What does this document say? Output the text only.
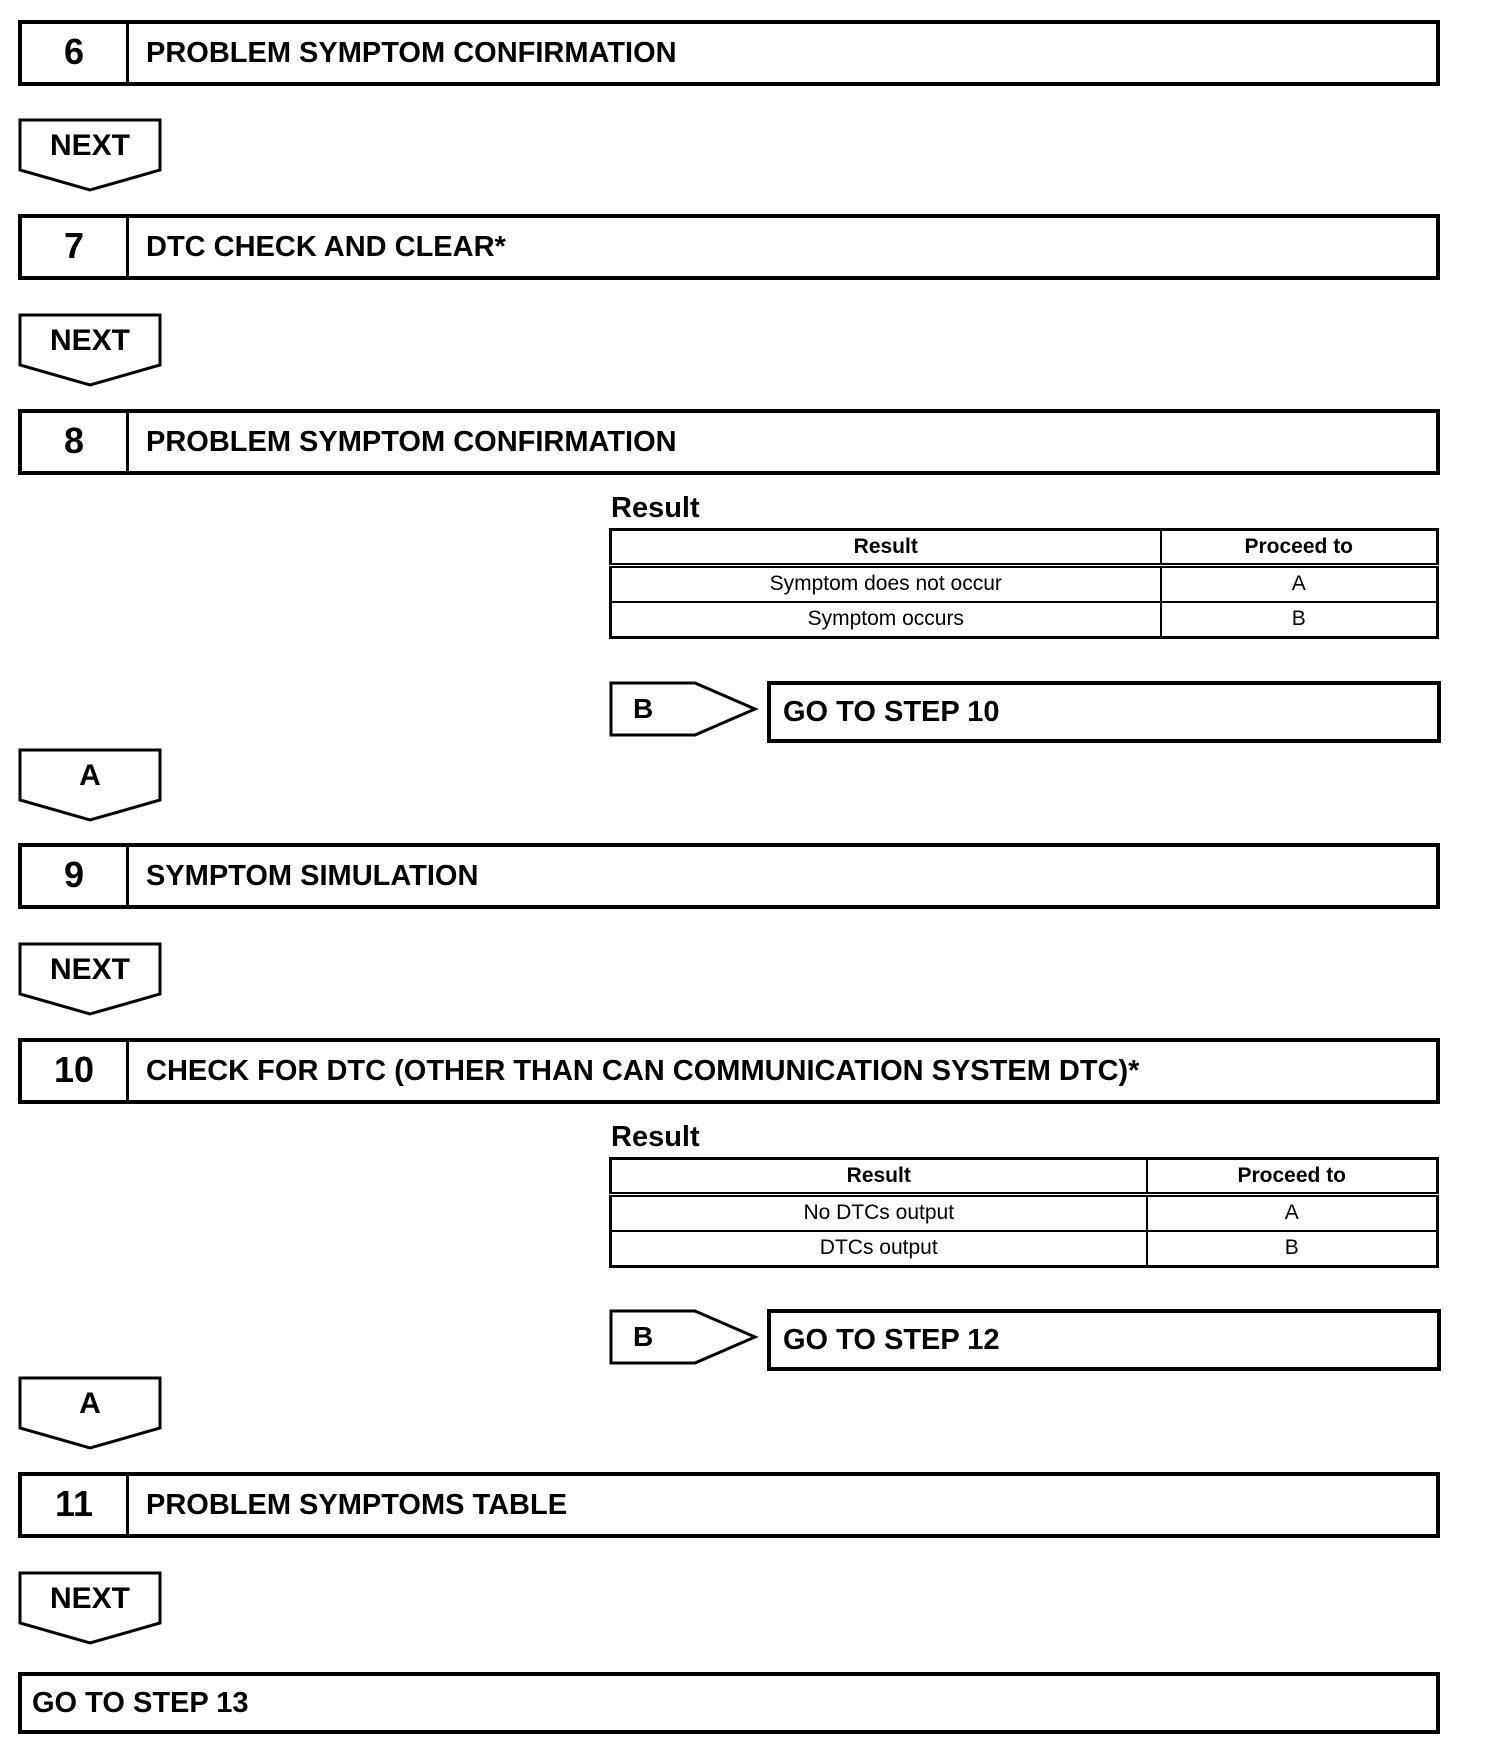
6	PROBLEM SYMPTOM CONFIRMATION
NEXT
7	DTC CHECK AND CLEAR*
NEXT
8	PROBLEM SYMPTOM CONFIRMATION
Result
Result	Proceed to
Symptom does not occur	A
Symptom occurs	B
B	GO TO STEP 10
A
9	SYMPTOM SIMULATION
NEXT
10	CHECK FOR DTC (OTHER THAN CAN COMMUNICATION SYSTEM DTC)*
Result
Result	Proceed to
No DTCs output	A
DTCs output	B
B	GO TO STEP 12
A
11	PROBLEM SYMPTOMS TABLE
NEXT
GO TO STEP 13
